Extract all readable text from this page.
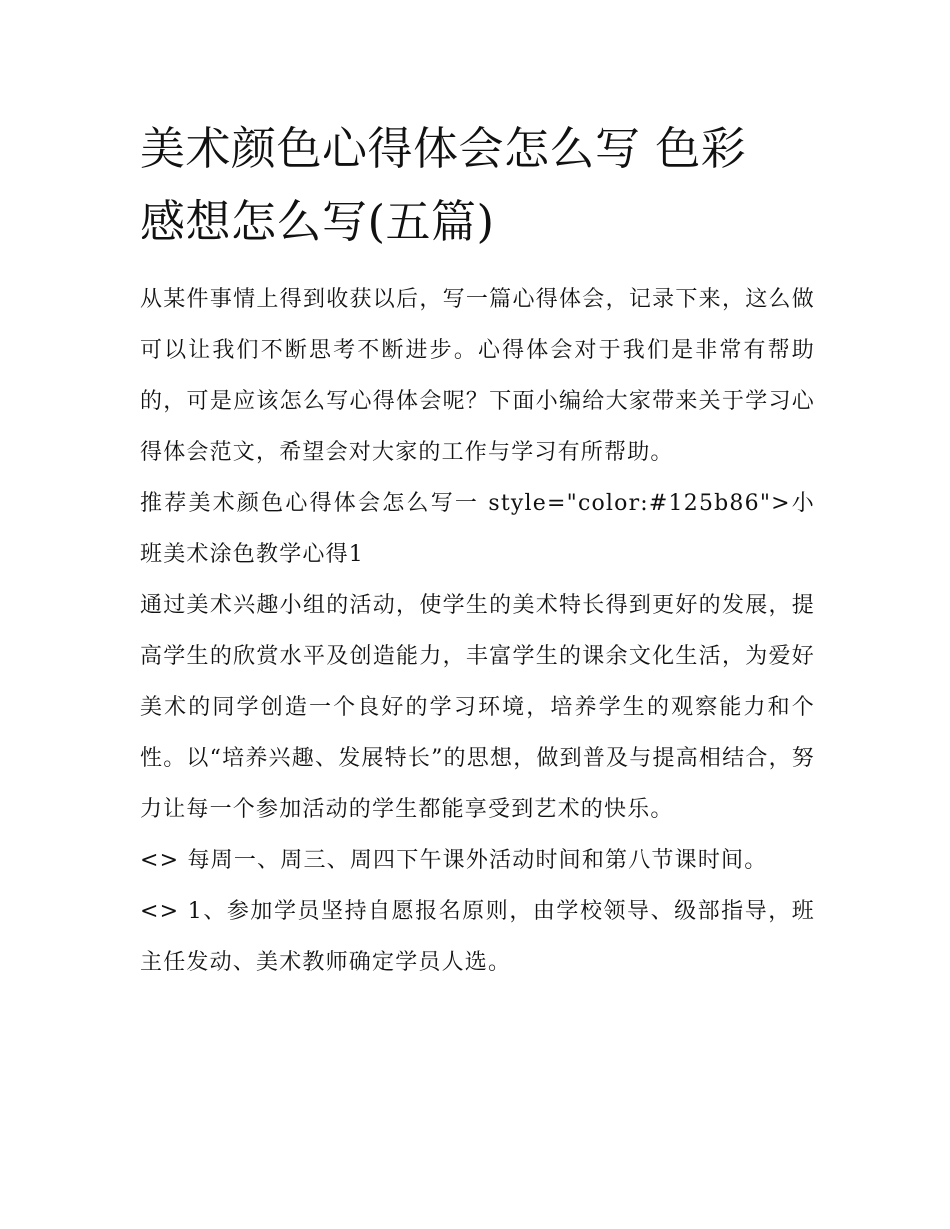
美术颜色心得体会怎么写 色彩
感想怎么写(五篇)

从某件事情上得到收获以后，写一篇心得体会，记录下来，这么做可以让我们不断思考不断进步。心得体会对于我们是非常有帮助的，可是应该怎么写心得体会呢？下面小编给大家带来关于学习心得体会范文，希望会对大家的工作与学习有所帮助。

推荐美术颜色心得体会怎么写一 style="color:#125b86">小班美术涂色教学心得1

通过美术兴趣小组的活动，使学生的美术特长得到更好的发展，提高学生的欣赏水平及创造能力，丰富学生的课余文化生活，为爱好美术的同学创造一个良好的学习环境，培养学生的观察能力和个性。以“培养兴趣、发展特长”的思想，做到普及与提高相结合，努力让每一个参加活动的学生都能享受到艺术的快乐。

<> 每周一、周三、周四下午课外活动时间和第八节课时间。

<> 1、参加学员坚持自愿报名原则，由学校领导、级部指导，班主任发动、美术教师确定学员人选。
